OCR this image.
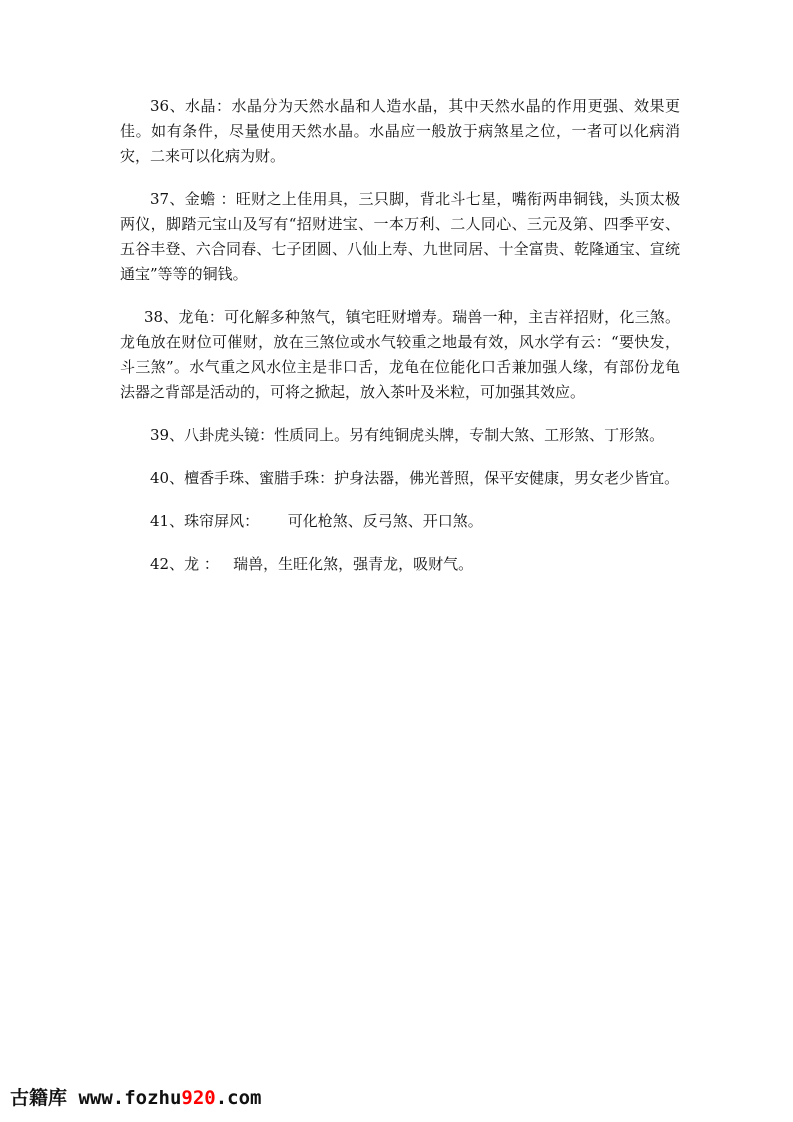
36、水晶：水晶分为天然水晶和人造水晶，其中天然水晶的作用更强、效果更佳。如有条件，尽量使用天然水晶。水晶应一般放于病煞星之位，一者可以化病消灾，二来可以化病为财。

37、金蟾 ：旺财之上佳用具，三只脚，背北斗七星，嘴衔两串铜钱，头顶太极两仪，脚踏元宝山及写有“招财进宝、一本万利、二人同心、三元及第、四季平安、五谷丰登、六合同春、七子团圆、八仙上寿、九世同居、十全富贵、乾隆通宝、宣统通宝”等等的铜钱。

38、龙龟：可化解多种煞气，镇宅旺财增寿。瑞兽一种，主吉祥招财，化三煞。龙龟放在财位可催财，放在三煞位或水气较重之地最有效，风水学有云：“要快发，斗三煞”。水气重之风水位主是非口舌，龙龟在位能化口舌兼加强人缘，有部份龙龟法器之背部是活动的，可将之掀起，放入茶叶及米粒，可加强其效应。

39、八卦虎头镜：性质同上。另有纯铜虎头牌，专制大煞、工形煞、丁形煞。

40、檀香手珠、蜜腊手珠：护身法器，佛光普照，保平安健康，男女老少皆宜。

41、珠帘屏风：      可化枪煞、反弓煞、开口煞。

42、龙 ：   瑞兽，生旺化煞，强青龙，吸财气。

古籍库 www.fozhu920.com
